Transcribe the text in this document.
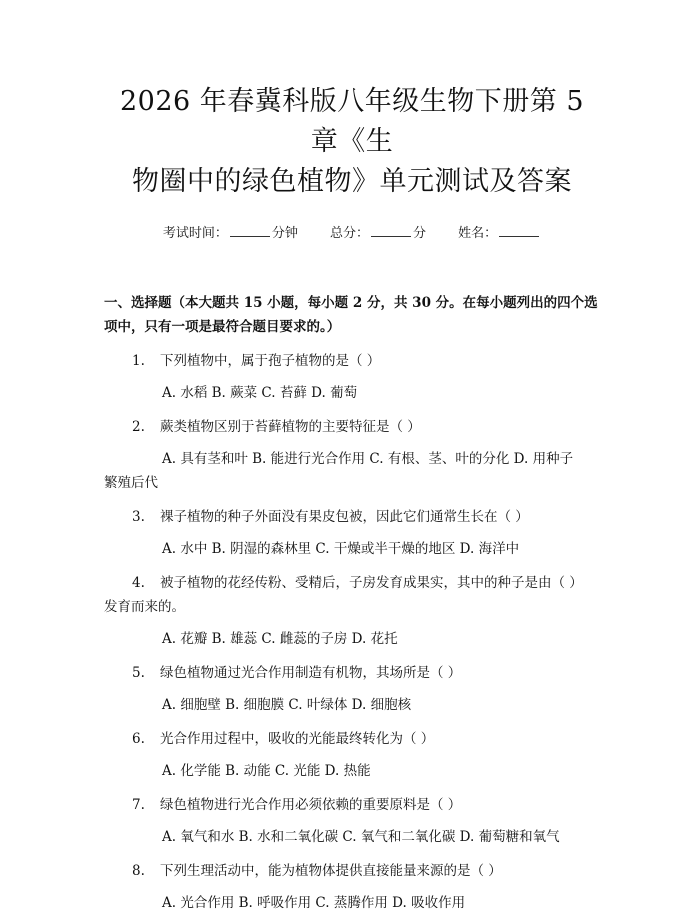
2026 年春冀科版八年级生物下册第 5 章《生
物圈中的绿色植物》单元测试及答案
考试时间：	分钟 总分：	分 姓名：
一、选择题（本大题共 15 小题，每小题 2 分，共 30 分。在每小题列出的四个选
项中，只有一项是最符合题目要求的。）
1. 下列植物中，属于孢子植物的是（ ）
A. 水稻 B. 蕨菜 C. 苔藓 D. 葡萄
2. 蕨类植物区别于苔藓植物的主要特征是（ ）
A. 具有茎和叶 B. 能进行光合作用 C. 有根、茎、叶的分化 D. 用种子
繁殖后代
3. 裸子植物的种子外面没有果皮包被，因此它们通常生长在（ ）
A. 水中 B. 阴湿的森林里 C. 干燥或半干燥的地区 D. 海洋中
4. 被子植物的花经传粉、受精后，子房发育成果实，其中的种子是由（ ）
发育而来的。
A. 花瓣 B. 雄蕊 C. 雌蕊的子房 D. 花托
5. 绿色植物通过光合作用制造有机物，其场所是（ ）
A. 细胞壁 B. 细胞膜 C. 叶绿体 D. 细胞核
6. 光合作用过程中，吸收的光能最终转化为（ ）
A. 化学能 B. 动能 C. 光能 D. 热能
7. 绿色植物进行光合作用必须依赖的重要原料是（ ）
A. 氧气和水 B. 水和二氧化碳 C. 氧气和二氧化碳 D. 葡萄糖和氧气
8. 下列生理活动中，能为植物体提供直接能量来源的是（ ）
A. 光合作用 B. 呼吸作用 C. 蒸腾作用 D. 吸收作用
